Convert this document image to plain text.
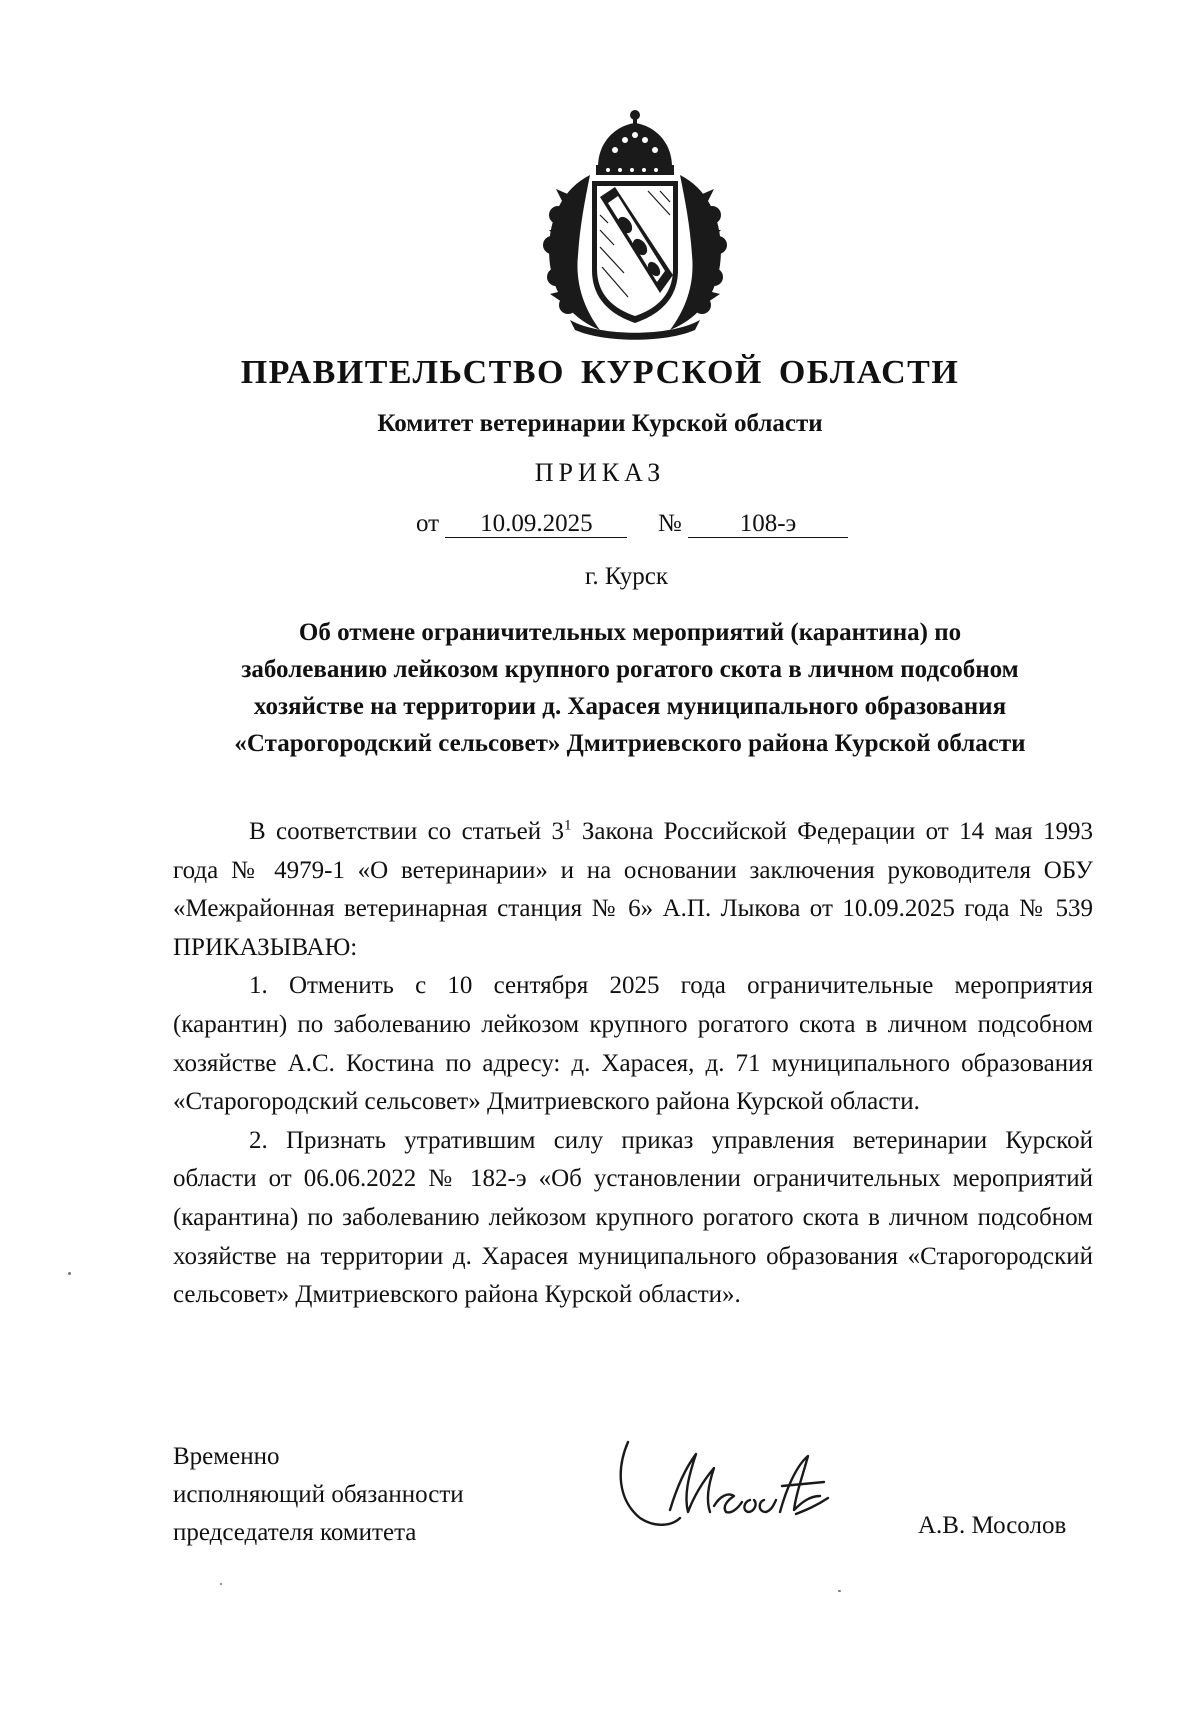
ПРАВИТЕЛЬСТВО КУРСКОЙ ОБЛАСТИ
Комитет ветеринарии Курской области
ПРИКАЗ
от 10.09.2025	№ 108-э
г. Курск
Об отмене ограничительных мероприятий (карантина) по
заболеванию лейкозом крупного рогатого скота в личном подсобном
хозяйстве на территории д. Харасея муниципального образования
«Старогородский сельсовет» Дмитриевского района Курской области

В соответствии со статьей $3^1$ Закона Российской Федерации от 14 мая 1993 года № 4979-1 «О ветеринарии» и на основании заключения руководителя ОБУ «Межрайонная ветеринарная станция № 6» А.П. Лыкова от 10.09.2025 года № 539 ПРИКАЗЫВАЮ:

1. Отменить с 10 сентября 2025 года ограничительные мероприятия (карантин) по заболеванию лейкозом крупного рогатого скота в личном подсобном хозяйстве А.С. Костина по адресу: д. Харасея, д. 71 муниципального образования «Старогородский сельсовет» Дмитриевского района Курской области.

2. Признать утратившим силу приказ управления ветеринарии Курской области от 06.06.2022 № 182-э «Об установлении ограничительных мероприятий (карантина) по заболеванию лейкозом крупного рогатого скота в личном подсобном хозяйстве на территории д. Харасея муниципального образования «Старогородский сельсовет» Дмитриевского района Курской области».

Временно
исполняющий обязанности
председателя комитета	А.В. Мосолов
